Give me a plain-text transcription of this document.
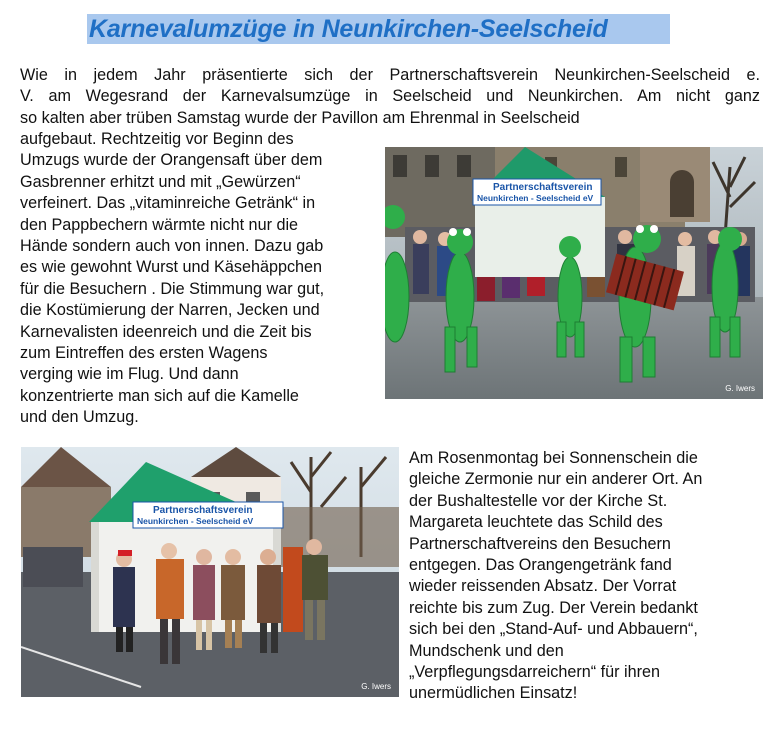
Karnevalumzüge in Neunkirchen-Seelscheid
Wie in jedem Jahr präsentierte sich der Partnerschaftsverein Neunkirchen-Seelscheid e.
V. am Wegesrand der Karnevalsumzüge in Seelscheid und Neunkirchen. Am nicht ganz
so kalten aber trüben Samstag wurde der Pavillon am Ehrenmal in Seelscheid
aufgebaut. Rechtzeitig vor Beginn des
Umzugs wurde der Orangensaft über dem
Gasbrenner erhitzt und mit „Gewürzen“
verfeinert. Das „vitaminreiche Getränk“ in
den Pappbechern wärmte nicht nur die
Hände sondern auch von innen. Dazu gab
es wie gewohnt Wurst und Käsehäppchen
für die Besuchern . Die Stimmung war gut,
die Kostümierung der Narren, Jecken und
Karnevalisten ideenreich und die Zeit bis
zum Eintreffen des ersten Wagens
verging wie im Flug. Und dann
konzentrierte man sich auf die Kamelle
und den Umzug.
Partnerschaftsverein
Neunkirchen - Seelscheid eV
G. Iwers
Partnerschaftsverein
Neunkirchen - Seelscheid eV
G. Iwers
Am Rosenmontag bei Sonnenschein die
gleiche Zermonie nur ein anderer Ort. An
der Bushaltestelle vor der Kirche St.
Margareta leuchtete das Schild des
Partnerschaftvereins den Besuchern
entgegen. Das Orangengetränk fand
wieder reissenden Absatz. Der Vorrat
reichte bis zum Zug. Der Verein bedankt
sich bei den „Stand-Auf- und Abbauern“,
Mundschenk und den
„Verpflegungsdarreichern“ für ihren
unermüdlichen Einsatz!
